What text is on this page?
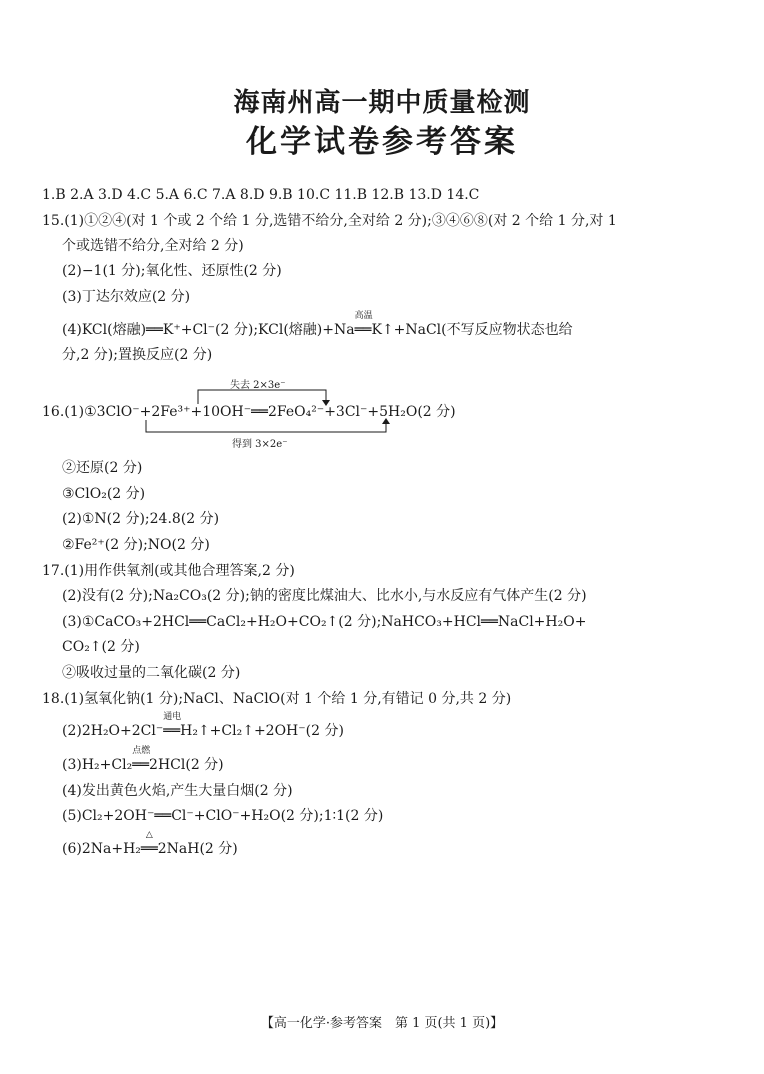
海南州高一期中质量检测
化学试卷参考答案
1.B 2.A 3.D 4.C 5.A 6.C 7.A 8.D 9.B 10.C 11.B 12.B 13.D 14.C
15.(1)①②④(对 1 个或 2 个给 1 分,选错不给分,全对给 2 分);③④⑥⑧(对 2 个给 1 分,对 1
个或选错不给分,全对给 2 分)
(2)−1(1 分);氧化性、还原性(2 分)
(3)丁达尔效应(2 分)
(4)KCl(熔融)══K⁺+Cl⁻(2 分);KCl(熔融)+Na
高温
══K↑+NaCl(不写反应物状态也给
分,2 分);置换反应(2 分)
失去 2×3e⁻
16.(1)①3ClO⁻+2Fe³⁺+10OH⁻══2FeO₄²⁻+3Cl⁻+5H₂O(2 分)
得到 3×2e⁻
②还原(2 分)
③ClO₂(2 分)
(2)①N(2 分);24.8(2 分)
②Fe²⁺(2 分);NO(2 分)
17.(1)用作供氧剂(或其他合理答案,2 分)
(2)没有(2 分);Na₂CO₃(2 分);钠的密度比煤油大、比水小,与水反应有气体产生(2 分)
(3)①CaCO₃+2HCl══CaCl₂+H₂O+CO₂↑(2 分);NaHCO₃+HCl══NaCl+H₂O+
CO₂↑(2 分)
②吸收过量的二氧化碳(2 分)
18.(1)氢氧化钠(1 分);NaCl、NaClO(对 1 个给 1 分,有错记 0 分,共 2 分)
(2)2H₂O+2Cl⁻
通电
══H₂↑+Cl₂↑+2OH⁻(2 分)
(3)H₂+Cl₂
点燃
══2HCl(2 分)
(4)发出黄色火焰,产生大量白烟(2 分)
(5)Cl₂+2OH⁻══Cl⁻+ClO⁻+H₂O(2 分);1∶1(2 分)
(6)2Na+H₂
△
══2NaH(2 分)
【高一化学·参考答案　第 1 页(共 1 页)】
